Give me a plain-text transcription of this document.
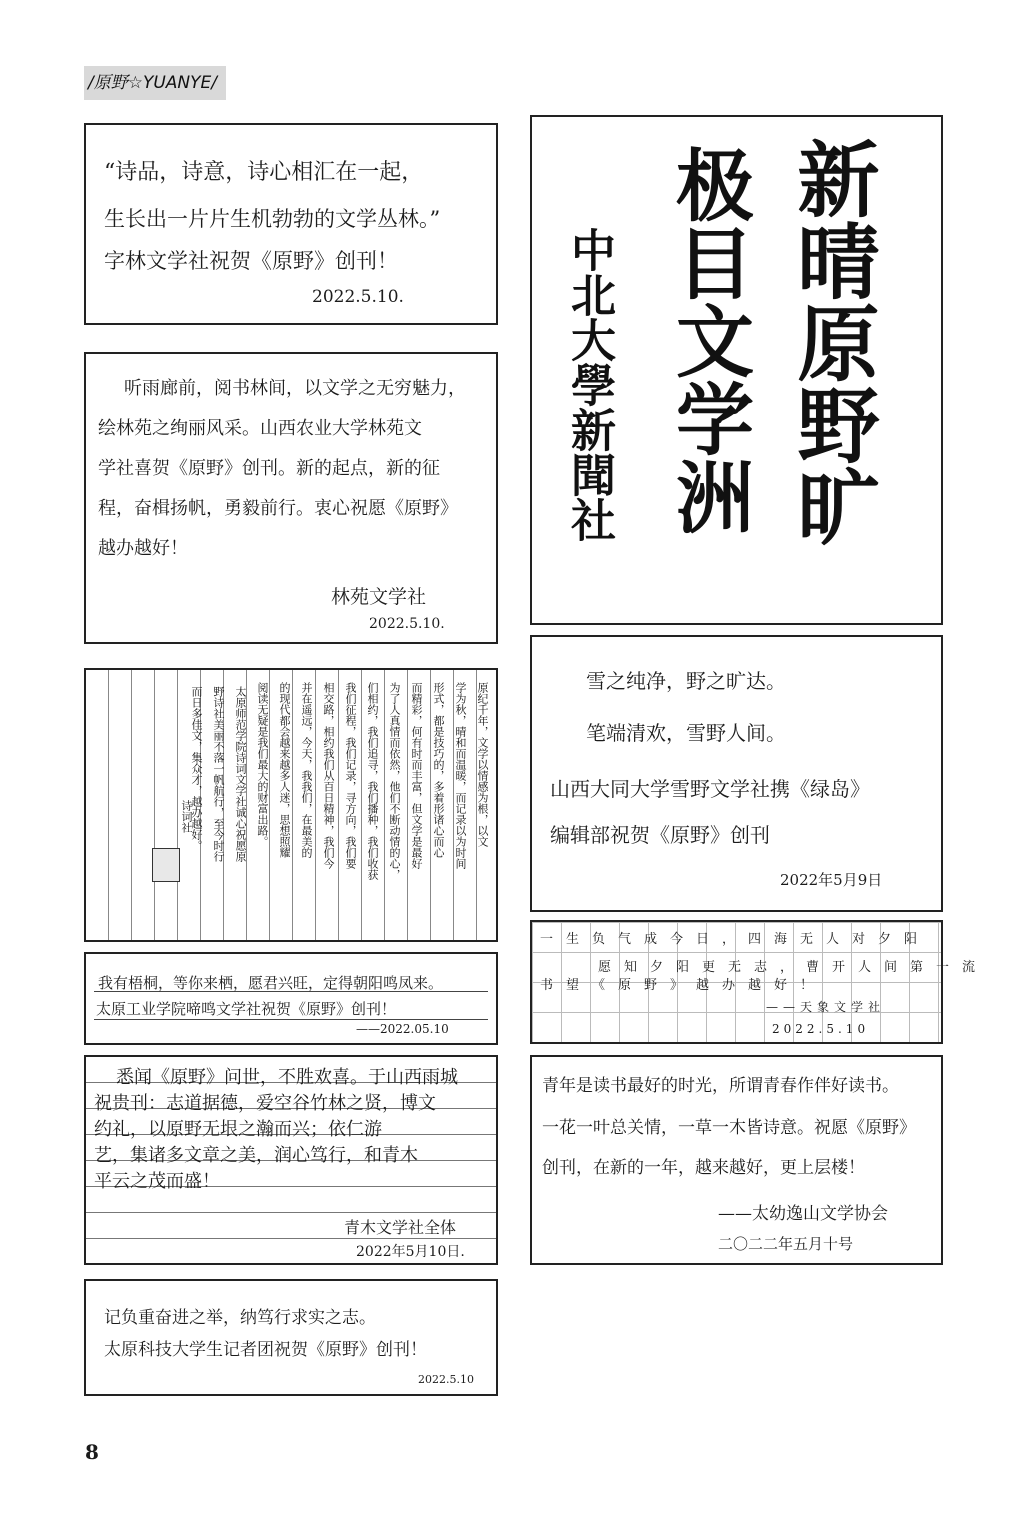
/原野☆YUANYE/
“诗品，诗意，诗心相汇在一起，
生长出一片片生机勃勃的文学丛林。”
字林文学社祝贺《原野》创刊！
2022.5.10.
听雨廊前，阅书林间，以文学之无穷魅力，
绘林苑之绚丽风采。山西农业大学林苑文
学社喜贺《原野》创刊。新的起点，新的征
程，奋楫扬帆，勇毅前行。衷心祝愿《原野》
越办越好！
林苑文学社
2022.5.10.
诗词社	原纪千年，文学以情感为根，以文
学为秋，晴和而温暖，而记录以为时间
形式，都是技巧的，多着形诸心而心
而精彩，何有时而丰富，但文学是最好
为了人真情而依然，他们不断动情的心，
们相约，我们追寻，我们播种，我们收获
我们征程，我们记录，寻方向，我们要
相交路，相约我们从百日精神，我们今
并在遥远，今天，我我们，在最美的
的现代都会越来越多人迷，思想照耀
阅读无疑是我们最大的财富出路。
太原师范学院诗词文学社诚心祝愿原
野诗社美丽不落一帆航行，至今时行
而日多佳文，集众才，越办越好。
我有梧桐，等你来栖，愿君兴旺，定得朝阳鸣凤来。
太原工业学院啼鸣文学社祝贺《原野》创刊！
——2022.05.10
悉闻《原野》问世，不胜欢喜。于山西雨城
祝贵刊：志道据德，爱空谷竹林之贤，博文
约礼，以原野无垠之瀚而兴；依仁游
艺，集诸多文章之美，润心笃行，和青木
平云之茂而盛！
青木文学社全体
2022年5月10日.
记负重奋进之举，纳笃行求实之志。
太原科技大学生记者团祝贺《原野》创刊！
2022.5.10
新晴原野旷
极目文学洲
中北大學新聞社
雪之纯净，野之旷达。
笔端清欢，雪野人间。
山西大同大学雪野文学社携《绿岛》
编辑部祝贺《原野》创刊
2022年5月9日
一生负气成今日，四海无人对夕阳
愿知夕阳更无志，曹开人间第一流
书望《原野》越办越好！
——天象文学社
2022.5.10
青年是读书最好的时光，所谓青春作伴好读书。
一花一叶总关情，一草一木皆诗意。祝愿《原野》
创刊，在新的一年，越来越好，更上层楼！
——太幼逸山文学协会
二〇二二年五月十号
8
